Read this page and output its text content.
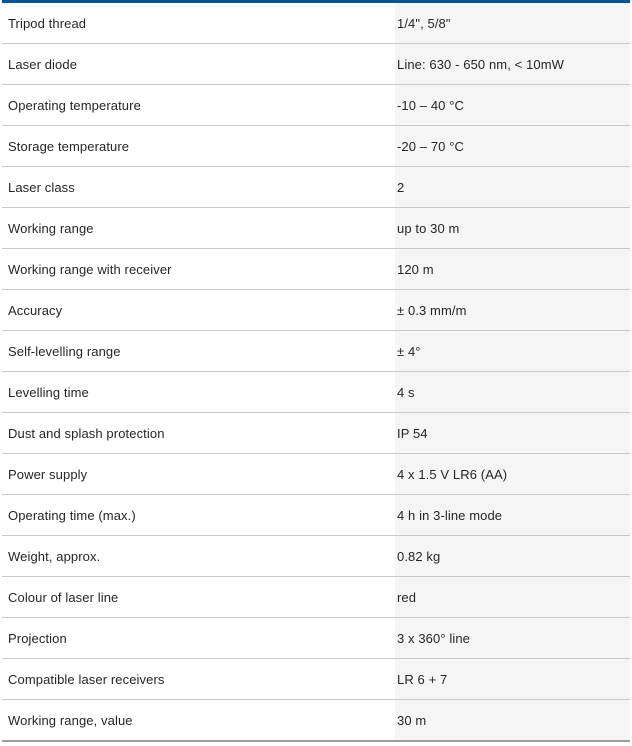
Tripod thread	1/4", 5/8"
Laser diode	Line: 630 - 650 nm, < 10mW
Operating temperature	-10 – 40 °C
Storage temperature	-20 – 70 °C
Laser class	2
Working range	up to 30 m
Working range with receiver	120 m
Accuracy	± 0.3 mm/m
Self-levelling range	± 4°
Levelling time	4 s
Dust and splash protection	IP 54
Power supply	4 x 1.5 V LR6 (AA)
Operating time (max.)	4 h in 3-line mode
Weight, approx.	0.82 kg
Colour of laser line	red
Projection	3 x 360° line
Compatible laser receivers	LR 6 + 7
Working range, value	30 m
